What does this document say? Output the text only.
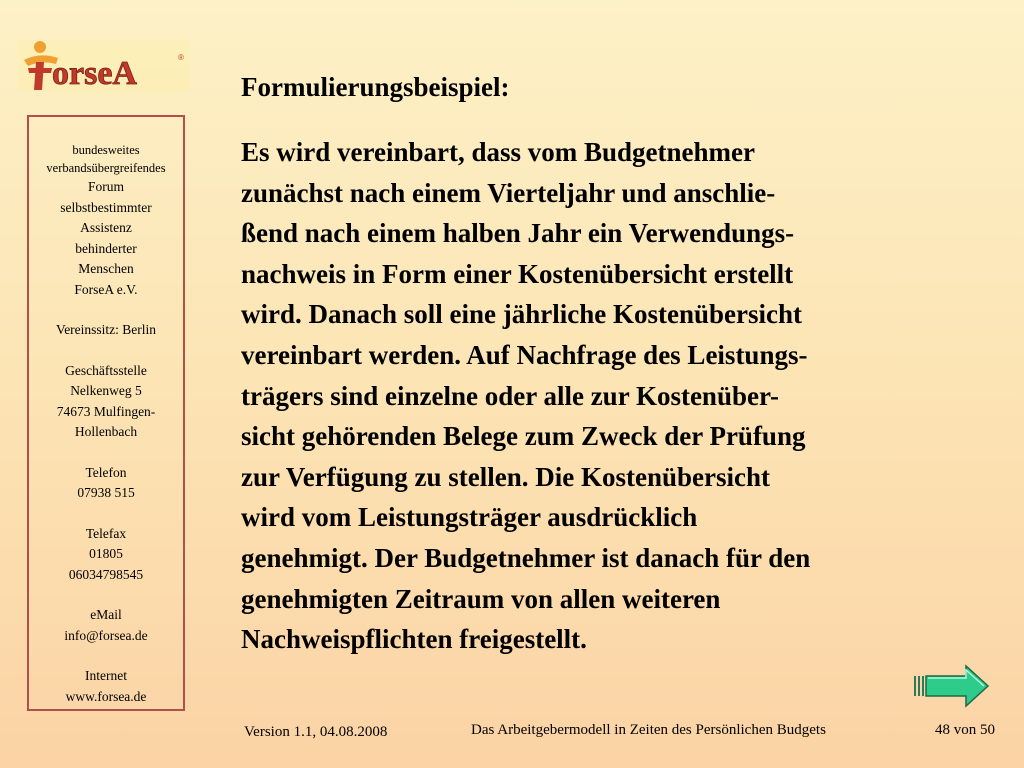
orseA	®
bundesweites
verbandsübergreifendes
Forum
selbstbestimmter
Assistenz
behinderter
Menschen
ForseA e.V.
Vereinssitz: Berlin
Geschäftsstelle
Nelkenweg 5
74673 Mulfingen-
Hollenbach
Telefon
07938 515
Telefax
01805
06034798545
eMail
info@forsea.de
Internet
www.forsea.de
Formulierungsbeispiel:
Es wird vereinbart, dass vom Budgetnehmer
zunächst nach einem Vierteljahr und anschlie-
ßend nach einem halben Jahr ein Verwendungs-
nachweis in Form einer Kostenübersicht erstellt
wird. Danach soll eine jährliche Kostenübersicht
vereinbart werden. Auf Nachfrage des Leistungs-
trägers sind einzelne oder alle zur Kostenüber-
sicht gehörenden Belege zum Zweck der Prüfung
zur Verfügung zu stellen. Die Kostenübersicht
wird vom Leistungsträger ausdrücklich
genehmigt. Der Budgetnehmer ist danach für den
genehmigten Zeitraum von allen weiteren
Nachweispflichten freigestellt.
Version 1.1, 04.08.2008	Das Arbeitgebermodell in Zeiten des Persönlichen Budgets	48 von 50
